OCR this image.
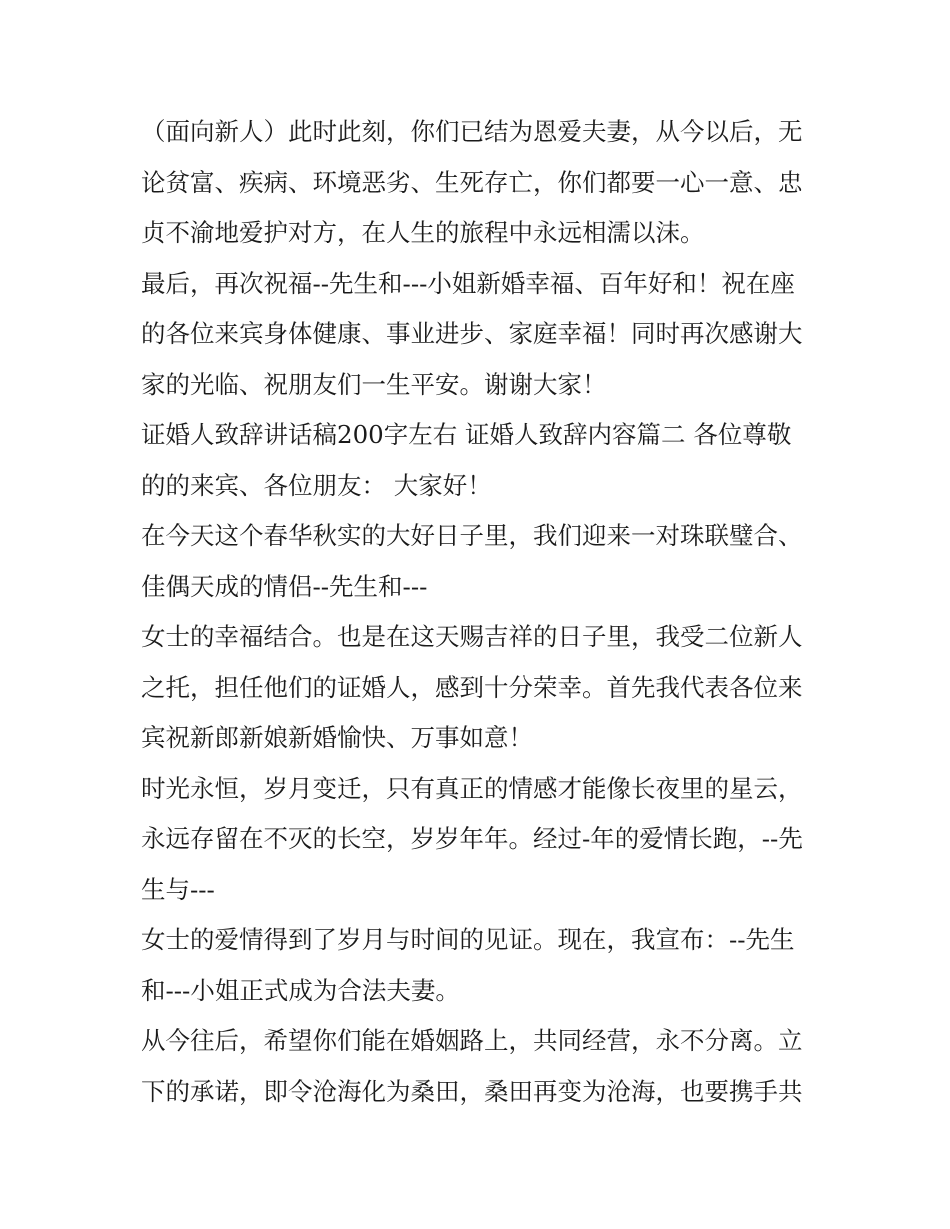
（面向新人）此时此刻，你们已结为恩爱夫妻，从今以后，无
论贫富、疾病、环境恶劣、生死存亡，你们都要一心一意、忠
贞不渝地爱护对方，在人生的旅程中永远相濡以沫。

最后，再次祝福--先生和---小姐新婚幸福、百年好和！祝在座
的各位来宾身体健康、事业进步、家庭幸福！同时再次感谢大
家的光临、祝朋友们一生平安。谢谢大家！

证婚人致辞讲话稿200字左右 证婚人致辞内容篇二 各位尊敬
的的来宾、各位朋友： 大家好！

在今天这个春华秋实的大好日子里，我们迎来一对珠联璧合、
佳偶天成的情侣--先生和---

女士的幸福结合。也是在这天赐吉祥的日子里，我受二位新人
之托，担任他们的证婚人，感到十分荣幸。首先我代表各位来
宾祝新郎新娘新婚愉快、万事如意！

时光永恒，岁月变迁，只有真正的情感才能像长夜里的星云，
永远存留在不灭的长空，岁岁年年。经过-年的爱情长跑，--先
生与---

女士的爱情得到了岁月与时间的见证。现在，我宣布：--先生
和---小姐正式成为合法夫妻。

从今往后，希望你们能在婚姻路上，共同经营，永不分离。立
下的承诺，即令沧海化为桑田，桑田再变为沧海，也要携手共
